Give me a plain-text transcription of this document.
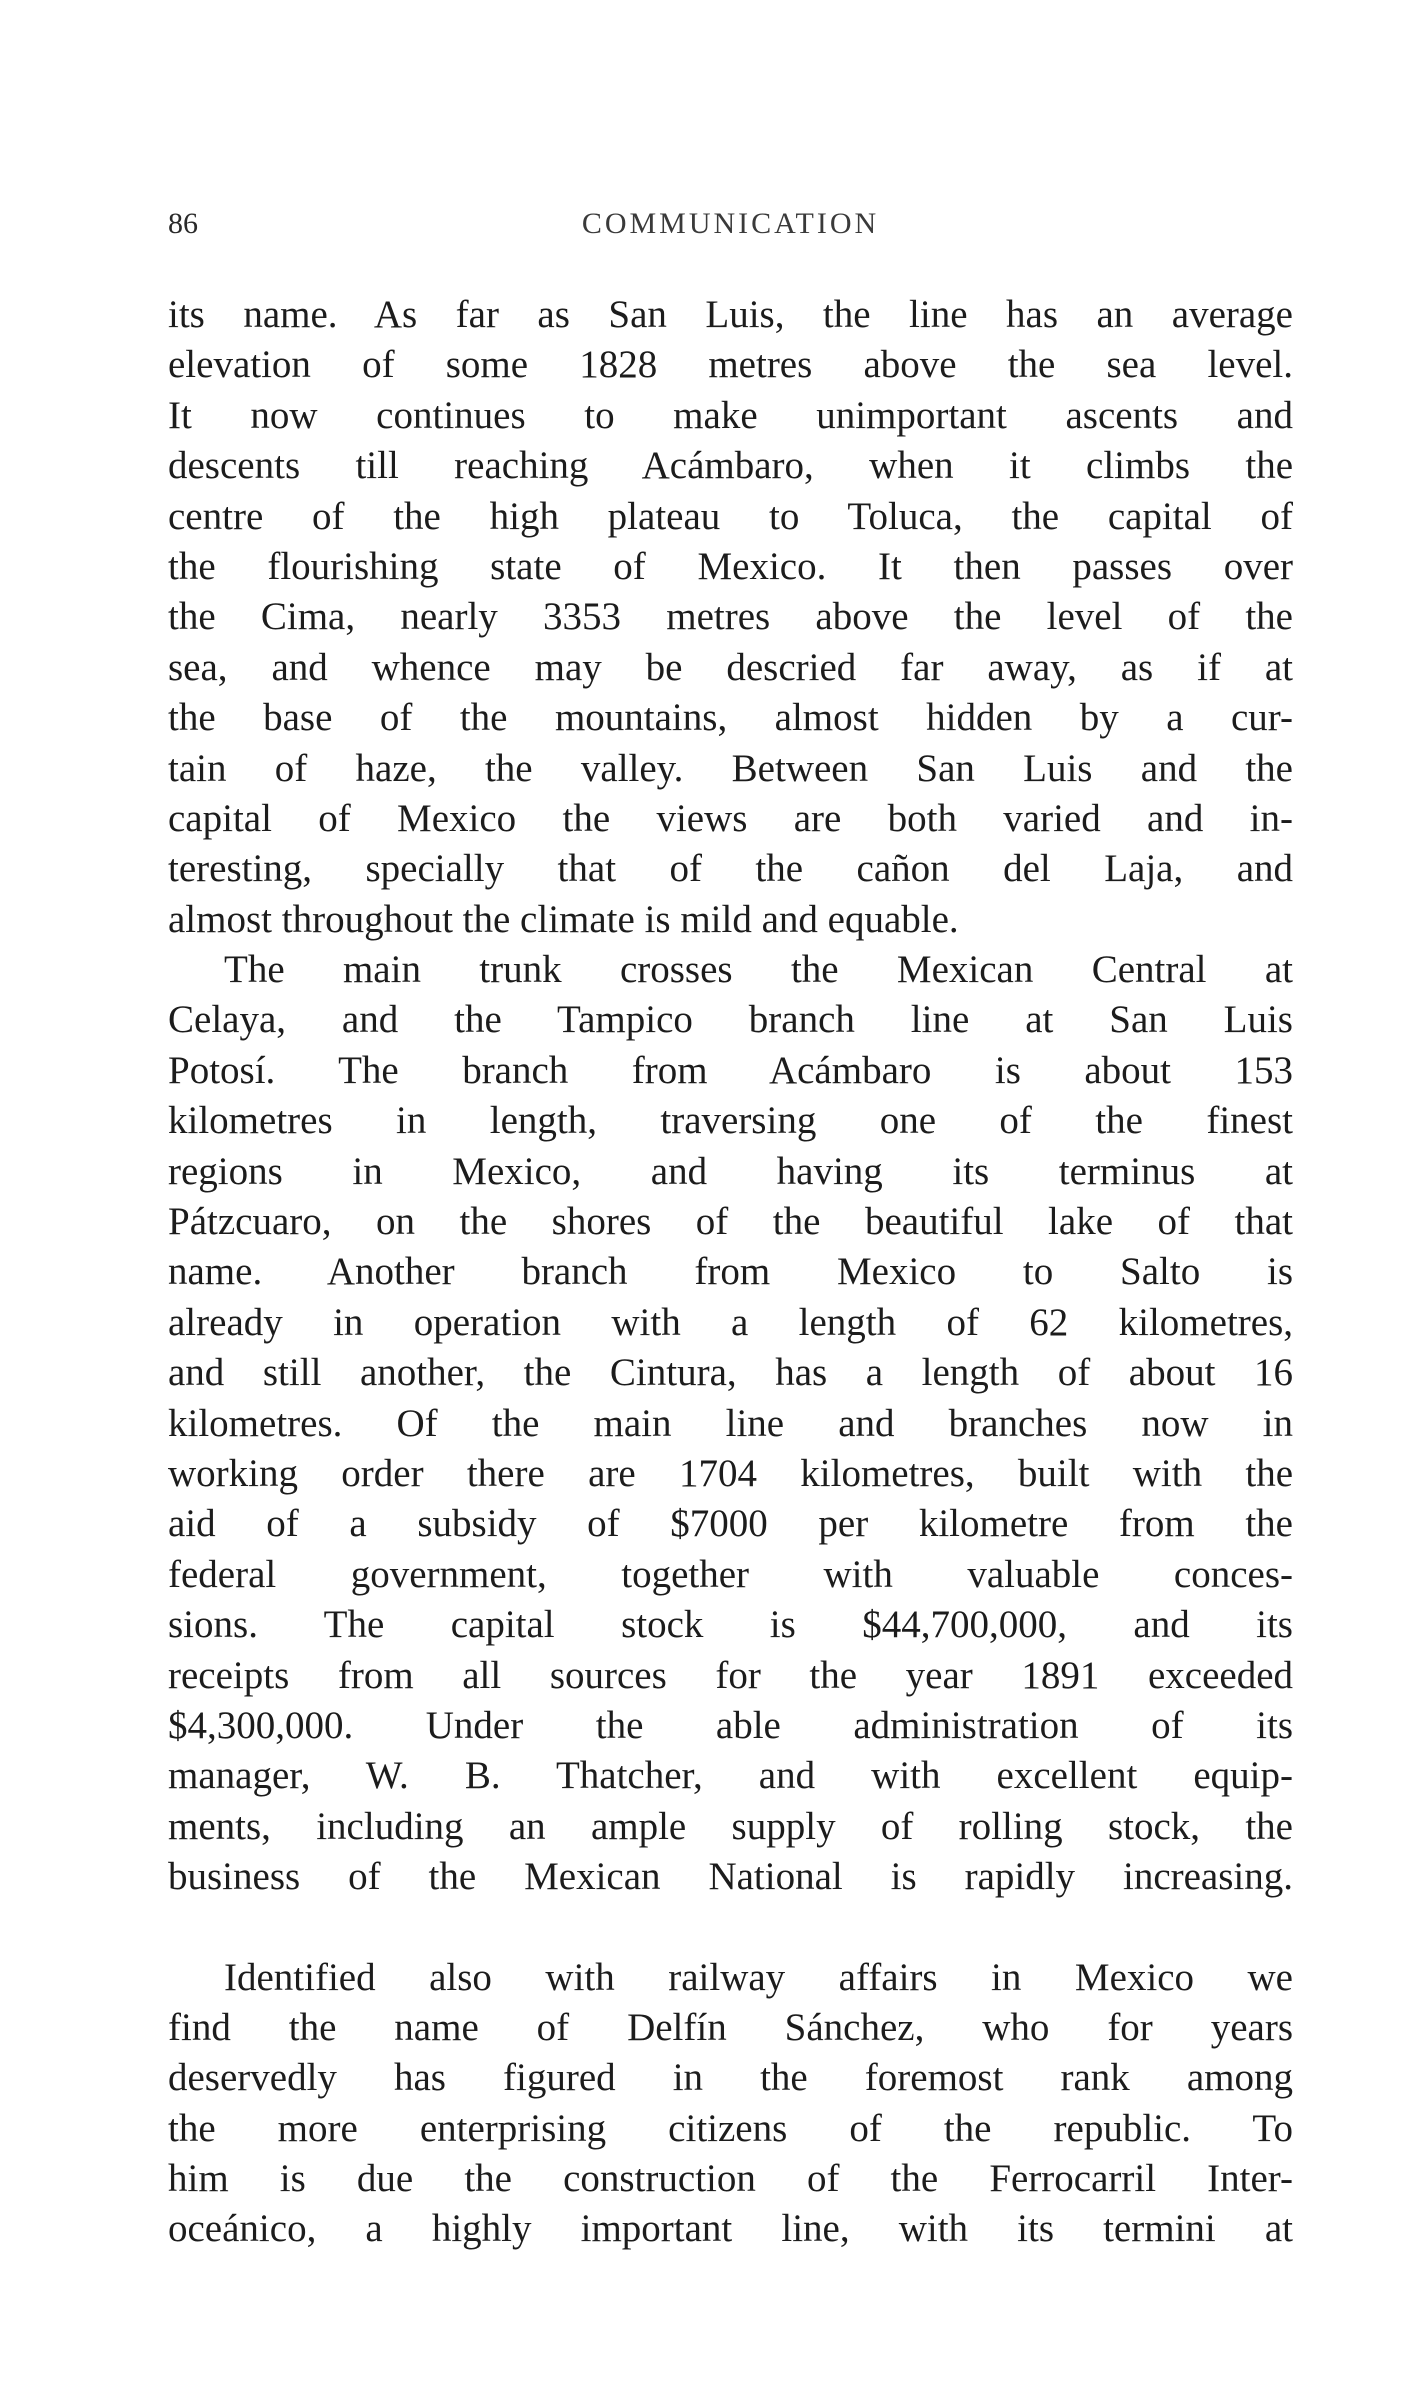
86	COMMUNICATION
its name. As far as San Luis, the line has an average
elevation of some 1828 metres above the sea level.
It now continues to make unimportant ascents and
descents till reaching Acámbaro, when it climbs the
centre of the high plateau to Toluca, the capital of
the flourishing state of Mexico. It then passes over
the Cima, nearly 3353 metres above the level of the
sea, and whence may be descried far away, as if at
the base of the mountains, almost hidden by a cur-
tain of haze, the valley. Between San Luis and the
capital of Mexico the views are both varied and in-
teresting, specially that of the cañon del Laja, and
almost throughout the climate is mild and equable.
The main trunk crosses the Mexican Central at
Celaya, and the Tampico branch line at San Luis
Potosí. The branch from Acámbaro is about 153
kilometres in length, traversing one of the finest
regions in Mexico, and having its terminus at
Pátzcuaro, on the shores of the beautiful lake of that
name. Another branch from Mexico to Salto is
already in operation with a length of 62 kilometres,
and still another, the Cintura, has a length of about 16
kilometres. Of the main line and branches now in
working order there are 1704 kilometres, built with the
aid of a subsidy of $7000 per kilometre from the
federal government, together with valuable conces-
sions. The capital stock is $44,700,000, and its
receipts from all sources for the year 1891 exceeded
$4,300,000. Under the able administration of its
manager, W. B. Thatcher, and with excellent equip-
ments, including an ample supply of rolling stock, the
business of the Mexican National is rapidly increasing.
Identified also with railway affairs in Mexico we
find the name of Delfín Sánchez, who for years
deservedly has figured in the foremost rank among
the more enterprising citizens of the republic. To
him is due the construction of the Ferrocarril Inter-
oceánico, a highly important line, with its termini at
